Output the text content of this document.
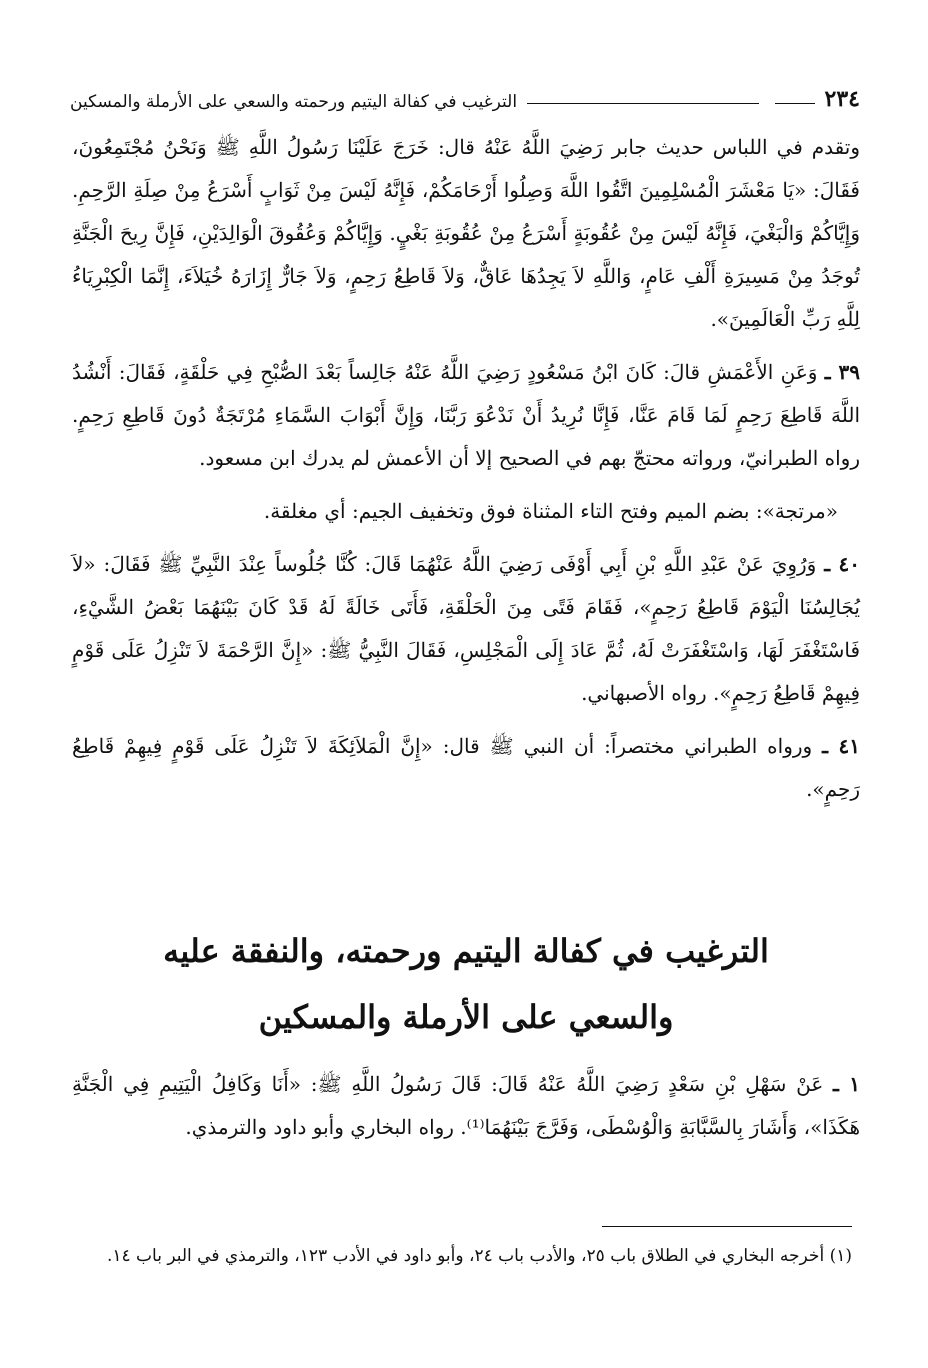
٢٣٤
الترغيب في كفالة اليتيم ورحمته والسعي على الأرملة والمسكين

وتقدم في اللباس حديث جابر رَضِيَ اللَّهُ عَنْهُ قال: خَرَجَ عَلَيْنَا رَسُولُ اللَّهِ ﷺ وَنَحْنُ مُجْتَمِعُونَ، فَقَالَ: «يَا مَعْشَرَ الْمُسْلِمِينَ اتَّقُوا اللَّهَ وَصِلُوا أَرْحَامَكُمْ، فَإِنَّهُ لَيْسَ مِنْ ثَوَابٍ أَسْرَعُ مِنْ صِلَةِ الرَّحِمِ. وَإِيَّاكُمْ وَالْبَغْيَ، فَإِنَّهُ لَيْسَ مِنْ عُقُوبَةٍ أَسْرَعُ مِنْ عُقُوبَةِ بَغْيٍ. وَإِيَّاكُمْ وَعُقُوقَ الْوَالِدَيْنِ، فَإِنَّ رِيحَ الْجَنَّةِ تُوجَدُ مِنْ مَسِيرَةِ أَلْفِ عَامٍ، وَاللَّهِ لاَ يَجِدُهَا عَاقٌّ، وَلاَ قَاطِعُ رَحِمٍ، وَلاَ جَارٌّ إِزَارَهُ خُيَلاَءَ، إِنَّمَا الْكِبْرِيَاءُ لِلَّهِ رَبِّ الْعَالَمِينَ».

٣٩ ـ وَعَنِ الأَعْمَشِ قالَ: كَانَ ابْنُ مَسْعُودٍ رَضِيَ اللَّهُ عَنْهُ جَالِساً بَعْدَ الصُّبْحِ فِي حَلْقَةٍ، فَقَالَ: أَنْشُدُ اللَّهَ قَاطِعَ رَحِمٍ لَمَا قَامَ عَنَّا، فَإِنَّا نُرِيدُ أَنْ نَدْعُوَ رَبَّنَا، وَإِنَّ أَبْوَابَ السَّمَاءِ مُرْتَجَةٌ دُونَ قَاطِعِ رَحِمٍ. رواه الطبرانيّ، ورواته محتجّ بهم في الصحيح إلا أن الأعمش لم يدرك ابن مسعود.

«مرتجة»: بضم الميم وفتح التاء المثناة فوق وتخفيف الجيم: أي مغلقة.

٤٠ ـ وَرُوِيَ عَنْ عَبْدِ اللَّهِ بْنِ أَبِي أَوْفَى رَضِيَ اللَّهُ عَنْهُمَا قَالَ: كُنَّا جُلُوساً عِنْدَ النَّبِيِّ ﷺ فَقَالَ: «لاَ يُجَالِسُنَا الْيَوْمَ قَاطِعُ رَحِمٍ»، فَقَامَ فَتًى مِنَ الْحَلْقَةِ، فَأَتَى خَالَةً لَهُ قَدْ كَانَ بَيْنَهُمَا بَعْضُ الشَّيْءِ، فَاسْتَغْفَرَ لَهَا، وَاسْتَغْفَرَتْ لَهُ، ثُمَّ عَادَ إِلَى الْمَجْلِسِ، فَقَالَ النَّبِيُّ ﷺ: «إِنَّ الرَّحْمَةَ لاَ تَنْزِلُ عَلَى قَوْمٍ فِيهِمْ قَاطِعُ رَحِمٍ». رواه الأصبهاني.

٤١ ـ ورواه الطبراني مختصراً: أن النبي ﷺ قال: «إِنَّ الْمَلاَئِكَةَ لاَ تَنْزِلُ عَلَى قَوْمٍ فِيهِمْ قَاطِعُ رَحِمٍ».

الترغيب في كفالة اليتيم ورحمته، والنفقة عليه
والسعي على الأرملة والمسكين

١ ـ عَنْ سَهْلِ بْنِ سَعْدٍ رَضِيَ اللَّهُ عَنْهُ قَالَ: قَالَ رَسُولُ اللَّهِ ﷺ: «أَنَا وَكَافِلُ الْيَتِيمِ فِي الْجَنَّةِ هَكَذَا»، وَأَشَارَ بِالسَّبَّابَةِ وَالْوُسْطَى، وَفَرَّجَ بَيْنَهُمَا⁽¹⁾. رواه البخاري وأبو داود والترمذي.

(١) أخرجه البخاري في الطلاق باب ٢٥، والأدب باب ٢٤، وأبو داود في الأدب ١٢٣، والترمذي في البر باب ١٤.
